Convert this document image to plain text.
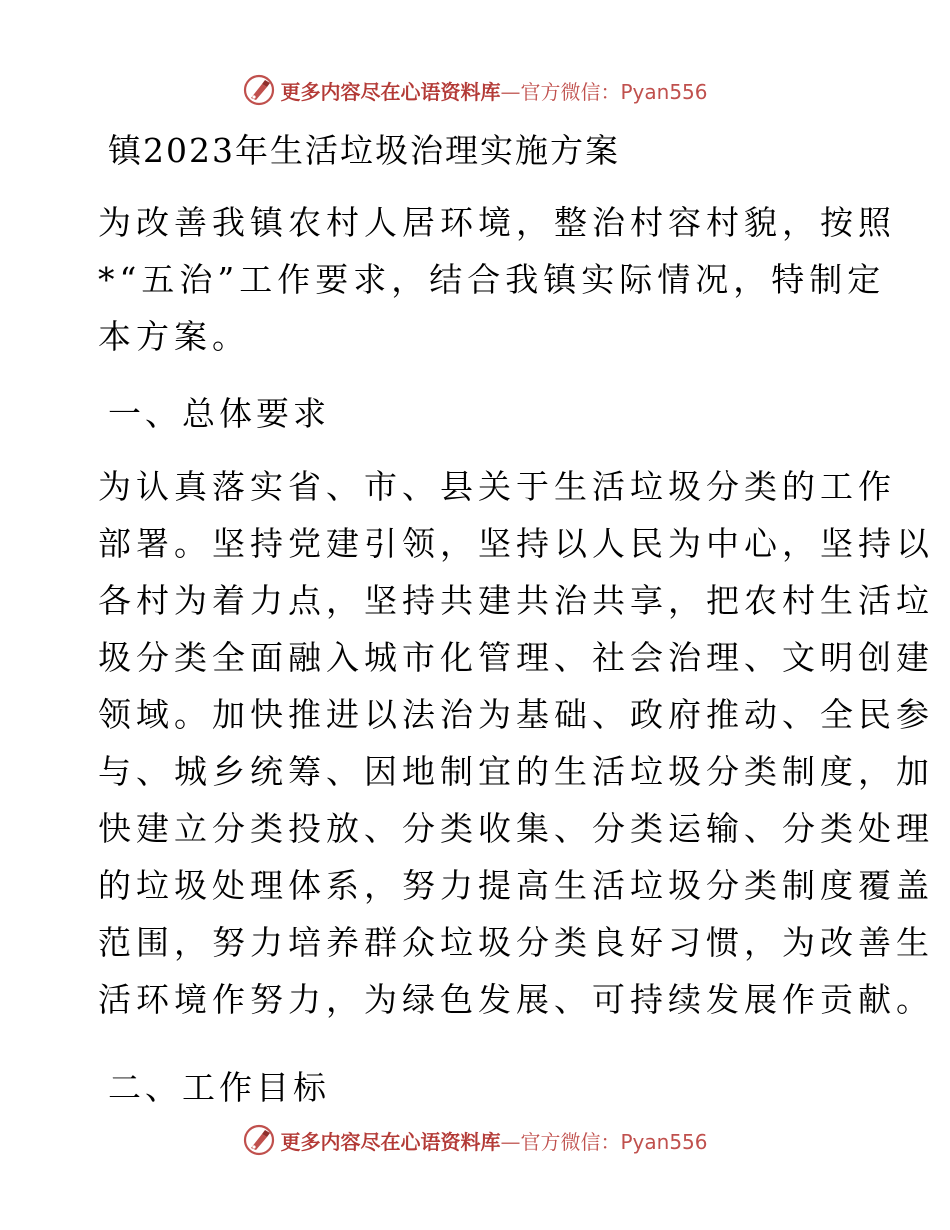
更多内容尽在心语资料库—官方微信：Pyan556
镇2023年生活垃圾治理实施方案

为改善我镇农村人居环境，整治村容村貌，按照
*“五治”工作要求，结合我镇实际情况，特制定
本方案。

一、总体要求

为认真落实省、市、县关于生活垃圾分类的工作
部署。坚持党建引领，坚持以人民为中心，坚持以
各村为着力点，坚持共建共治共享，把农村生活垃
圾分类全面融入城市化管理、社会治理、文明创建
领域。加快推进以法治为基础、政府推动、全民参
与、城乡统筹、因地制宜的生活垃圾分类制度，加
快建立分类投放、分类收集、分类运输、分类处理
的垃圾处理体系，努力提高生活垃圾分类制度覆盖
范围，努力培养群众垃圾分类良好习惯，为改善生
活环境作努力，为绿色发展、可持续发展作贡献。

二、工作目标
更多内容尽在心语资料库—官方微信：Pyan556
